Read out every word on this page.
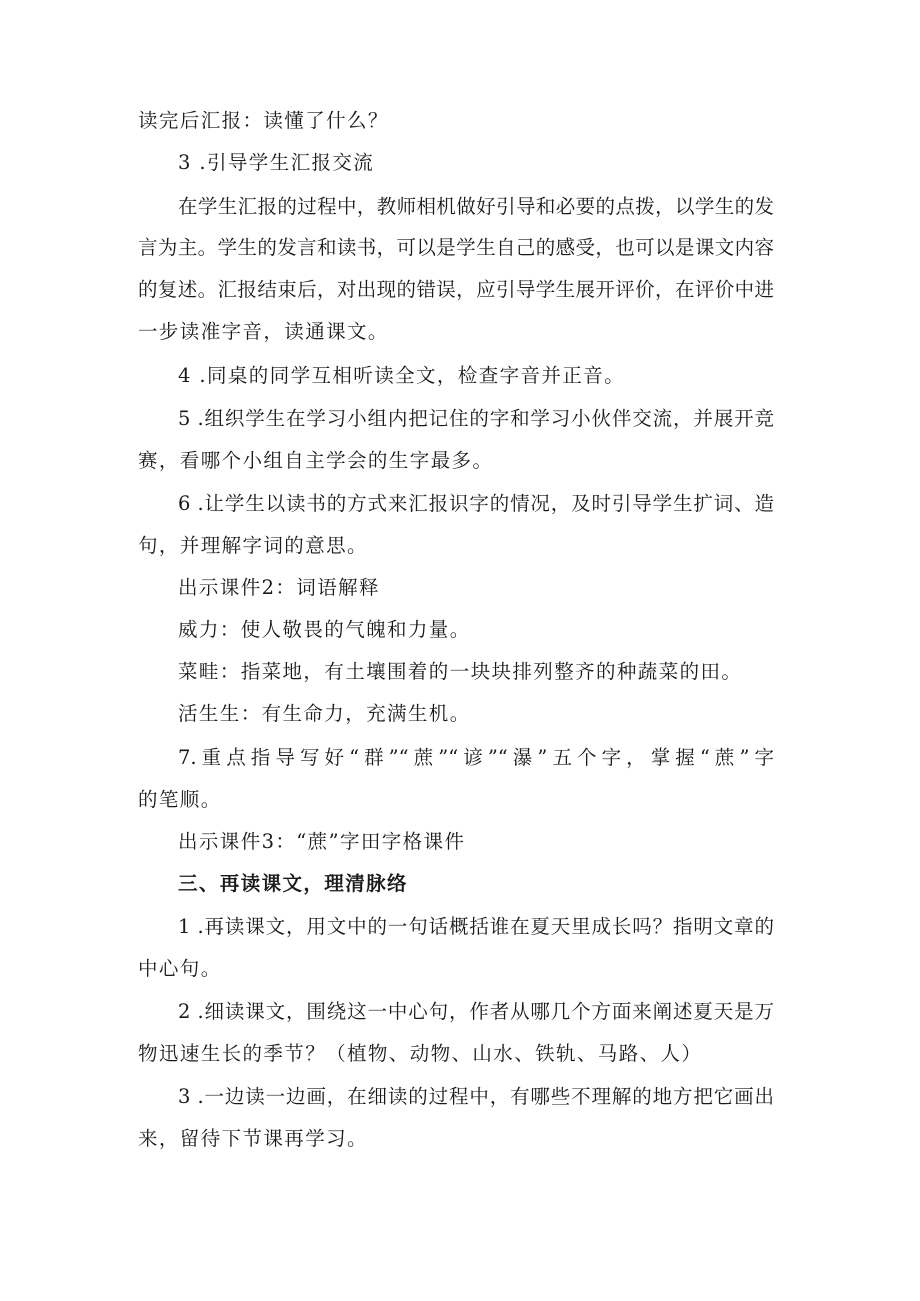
读完后汇报：读懂了什么？
3 .引导学生汇报交流
在学生汇报的过程中，教师相机做好引导和必要的点拨，以学生的发
言为主。学生的发言和读书，可以是学生自己的感受，也可以是课文内容
的复述。汇报结束后，对出现的错误，应引导学生展开评价，在评价中进
一步读准字音，读通课文。
4 .同桌的同学互相听读全文，检查字音并正音。
5 .组织学生在学习小组内把记住的字和学习小伙伴交流，并展开竞
赛，看哪个小组自主学会的生字最多。
6 .让学生以读书的方式来汇报识字的情况，及时引导学生扩词、造
句，并理解字词的意思。
出示课件2：词语解释
威力：使人敬畏的气魄和力量。
菜畦：指菜地，有土壤围着的一块块排列整齐的种蔬菜的田。
活生生：有生命力，充满生机。
7.重点指导写好“群”“蔗”“谚”“瀑”五个字，掌握“蔗”字
的笔顺。
出示课件3：“蔗”字田字格课件
三、再读课文，理清脉络
1 .再读课文，用文中的一句话概括谁在夏天里成长吗？指明文章的
中心句。
2 .细读课文，围绕这一中心句，作者从哪几个方面来阐述夏天是万
物迅速生长的季节？（植物、动物、山水、铁轨、马路、人）
3 .一边读一边画，在细读的过程中，有哪些不理解的地方把它画出
来，留待下节课再学习。
